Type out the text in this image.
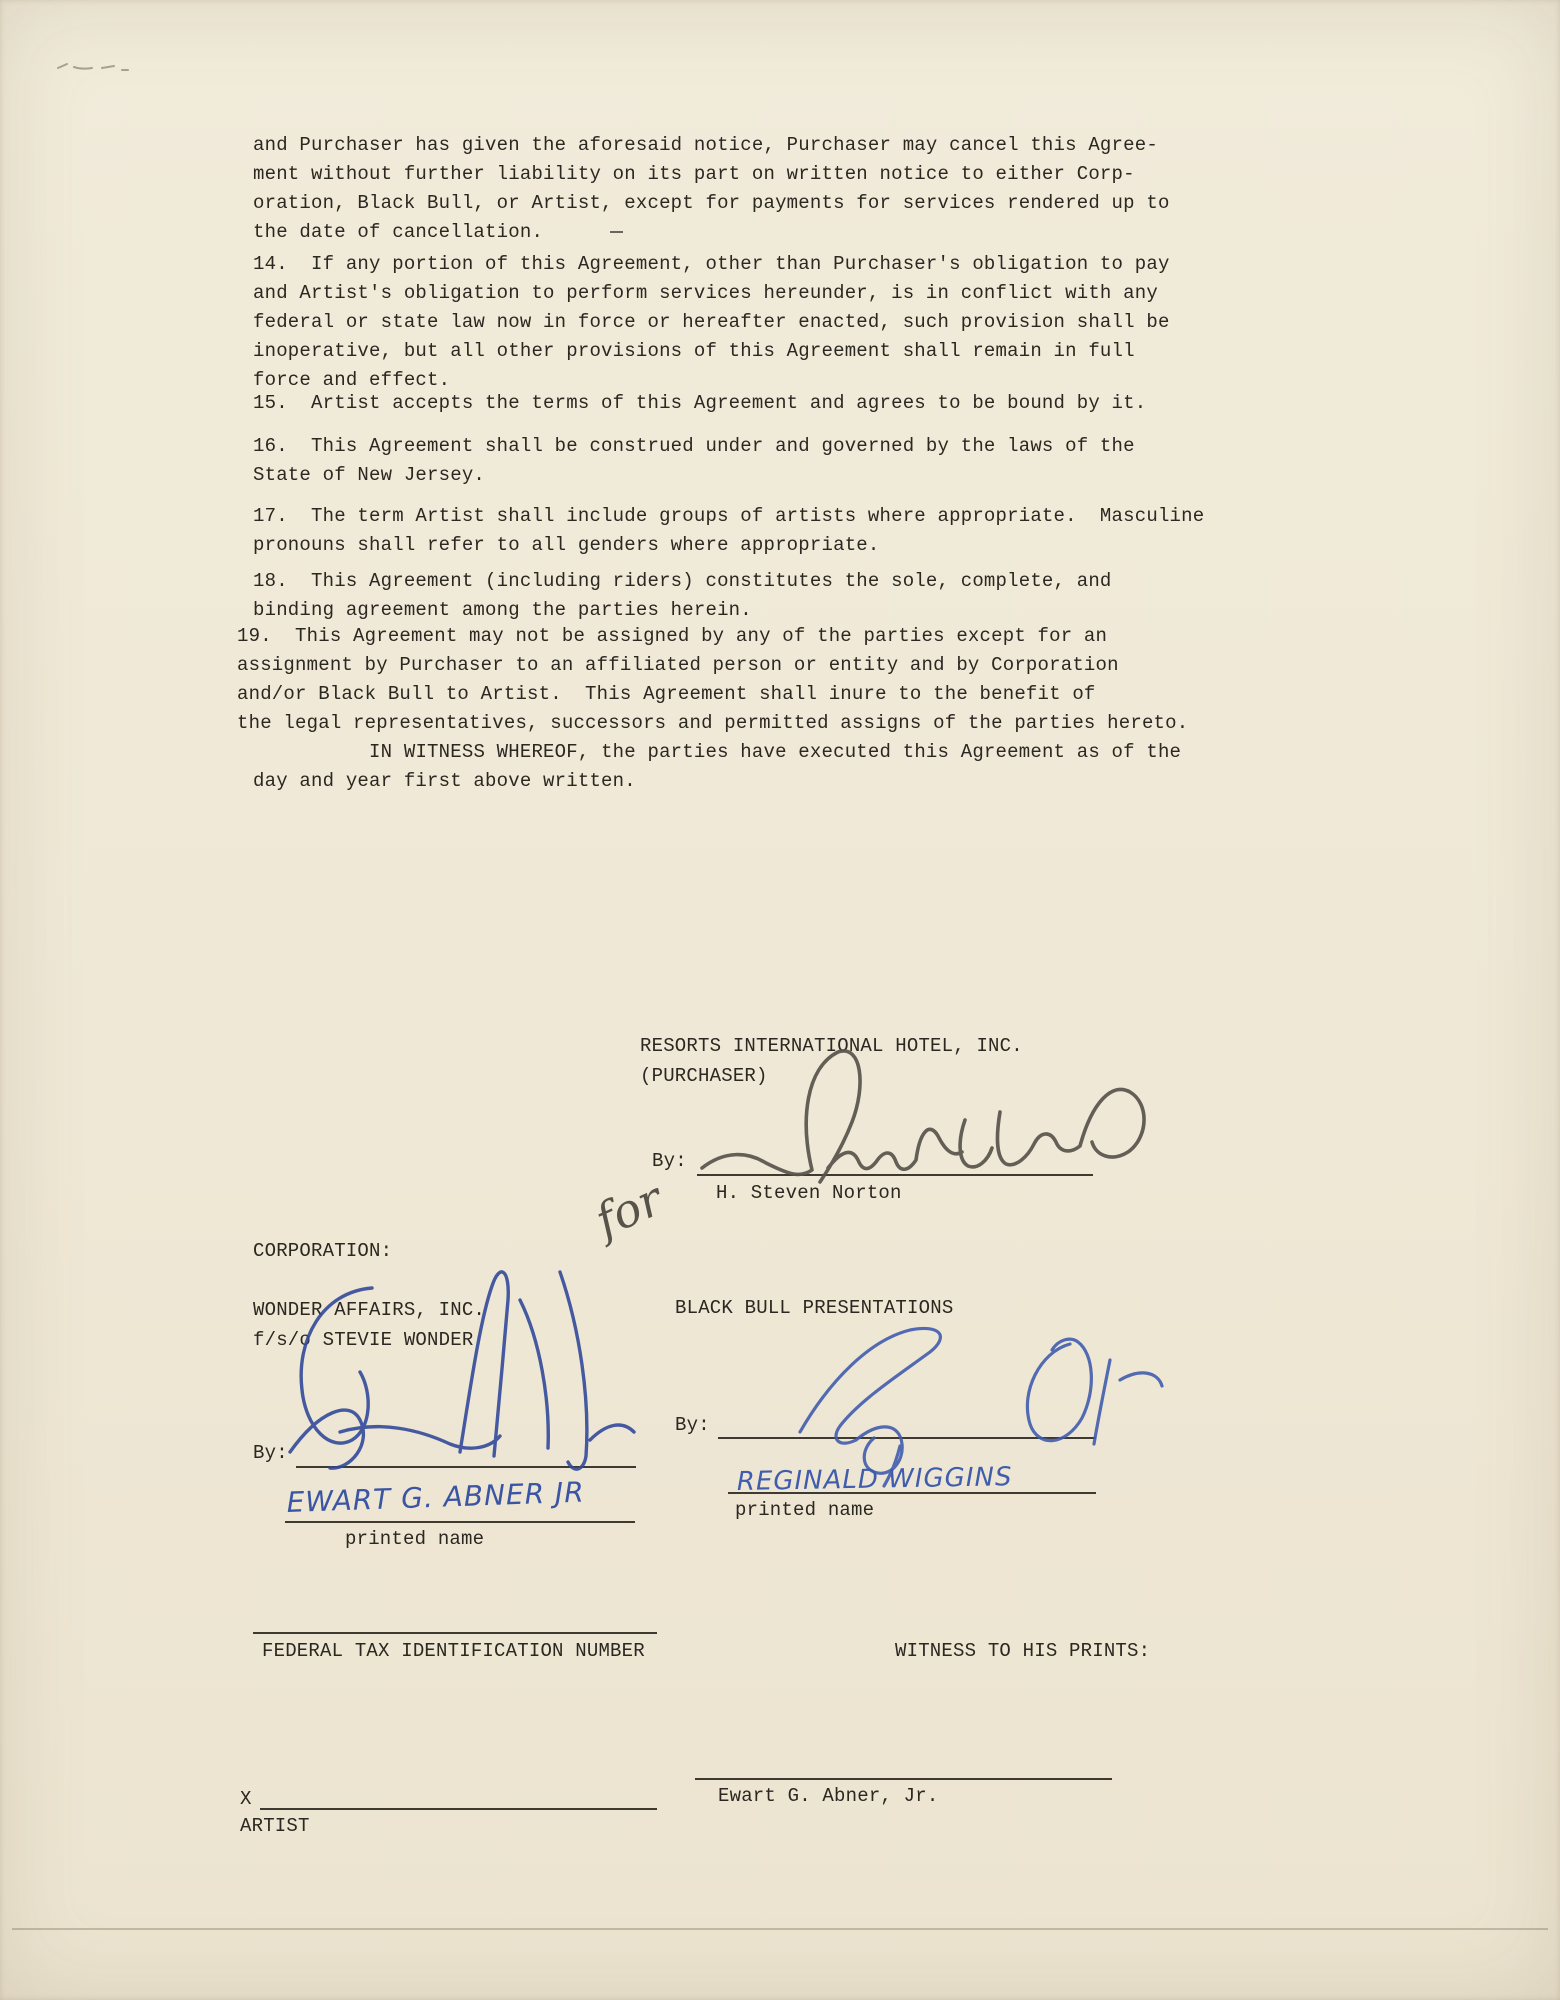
and Purchaser has given the aforesaid notice, Purchaser may cancel this Agree-
ment without further liability on its part on written notice to either Corp-
oration, Black Bull, or Artist, except for payments for services rendered up to
the date of cancellation.
14.  If any portion of this Agreement, other than Purchaser's obligation to pay
and Artist's obligation to perform services hereunder, is in conflict with any
federal or state law now in force or hereafter enacted, such provision shall be
inoperative, but all other provisions of this Agreement shall remain in full
force and effect.
15.  Artist accepts the terms of this Agreement and agrees to be bound by it.
16.  This Agreement shall be construed under and governed by the laws of the
State of New Jersey.
17.  The term Artist shall include groups of artists where appropriate.  Masculine
pronouns shall refer to all genders where appropriate.
18.  This Agreement (including riders) constitutes the sole, complete, and
binding agreement among the parties herein.
19.  This Agreement may not be assigned by any of the parties except for an
assignment by Purchaser to an affiliated person or entity and by Corporation
and/or Black Bull to Artist.  This Agreement shall inure to the benefit of
the legal representatives, successors and permitted assigns of the parties hereto.
IN WITNESS WHEREOF, the parties have executed this Agreement as of the
day and year first above written.
RESORTS INTERNATIONAL HOTEL, INC.
(PURCHASER)
By:
H. Steven Norton
CORPORATION:
WONDER AFFAIRS, INC.
f/s/o STEVIE WONDER
By:
printed name
BLACK BULL PRESENTATIONS
By:
printed name
FEDERAL TAX IDENTIFICATION NUMBER	WITNESS TO HIS PRINTS:
X
ARTIST
Ewart G. Abner, Jr.
for
EWART G. ABNER JR	REGINALD WIGGINS
